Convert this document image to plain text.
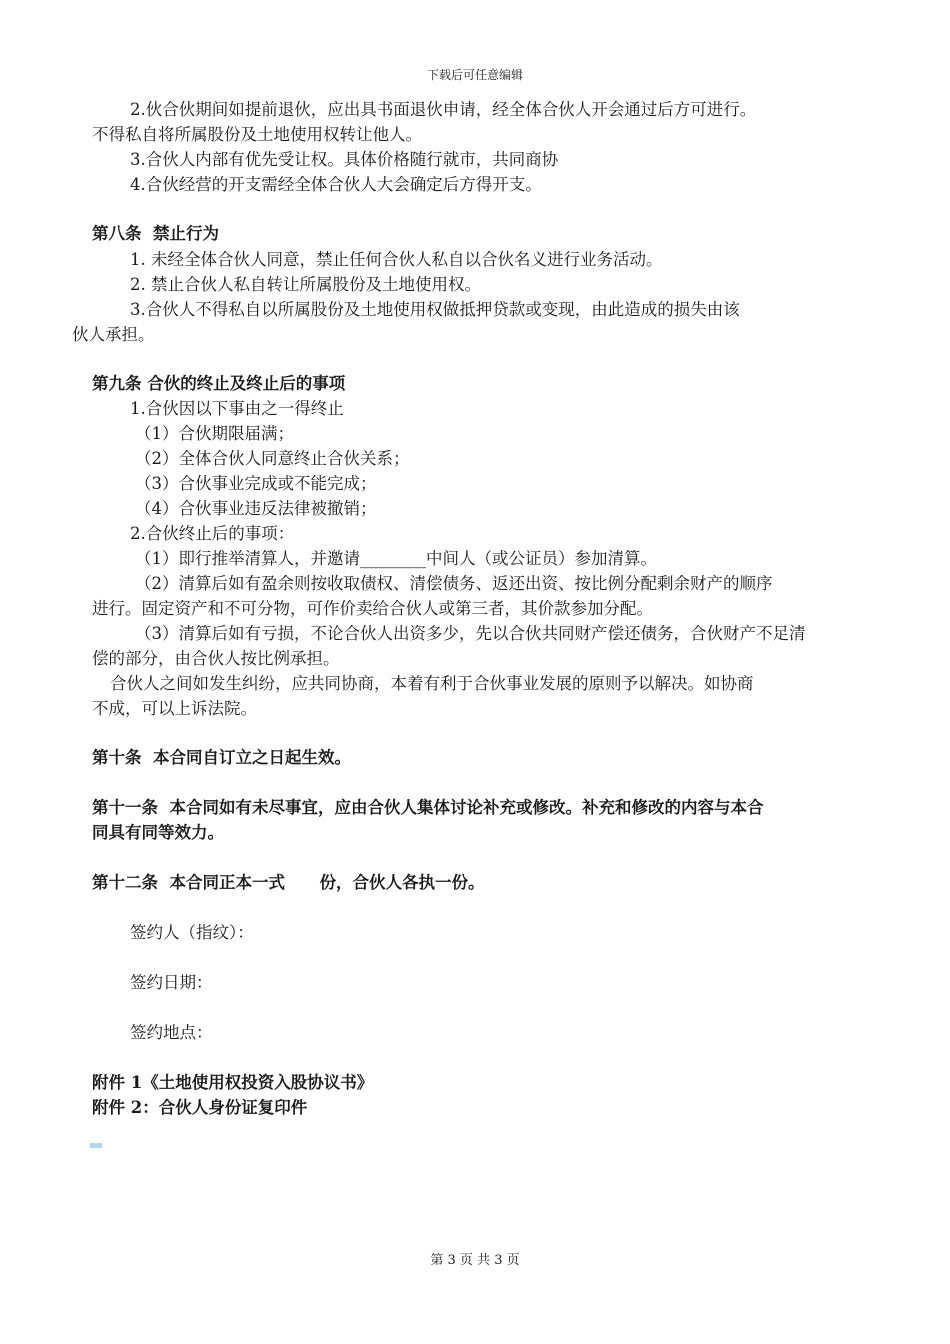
下载后可任意编辑
2.伙合伙期间如提前退伙，应出具书面退伙申请，经全体合伙人开会通过后方可进行。
不得私自将所属股份及土地使用权转让他人。
3.合伙人内部有优先受让权。具体价格随行就市，共同商协
4.合伙经营的开支需经全体合伙人大会确定后方得开支。
第八条  禁止行为
1. 未经全体合伙人同意，禁止任何合伙人私自以合伙名义进行业务活动。
2. 禁止合伙人私自转让所属股份及土地使用权。
3.合伙人不得私自以所属股份及土地使用权做抵押贷款或变现，由此造成的损失由该
伙人承担。
第九条 合伙的终止及终止后的事项
1.合伙因以下事由之一得终止
（1）合伙期限届满；
（2）全体合伙人同意终止合伙关系；
（3）合伙事业完成或不能完成；
（4）合伙事业违反法律被撤销；
2.合伙终止后的事项：
（1）即行推举清算人，并邀请________中间人（或公证员）参加清算。
（2）清算后如有盈余则按收取债权、清偿债务、返还出资、按比例分配剩余财产的顺序
进行。固定资产和不可分物，可作价卖给合伙人或第三者，其价款参加分配。
（3）清算后如有亏损，不论合伙人出资多少，先以合伙共同财产偿还债务，合伙财产不足清
偿的部分，由合伙人按比例承担。
合伙人之间如发生纠纷，应共同协商，本着有利于合伙事业发展的原则予以解决。如协商
不成，可以上诉法院。
第十条  本合同自订立之日起生效。
第十一条  本合同如有未尽事宜，应由合伙人集体讨论补充或修改。补充和修改的内容与本合
同具有同等效力。
第十二条  本合同正本一式      份，合伙人各执一份。
签约人（指纹）：
签约日期：
签约地点：
附件 1《土地使用权投资入股协议书》
附件 2：合伙人身份证复印件
第 3 页 共 3 页
